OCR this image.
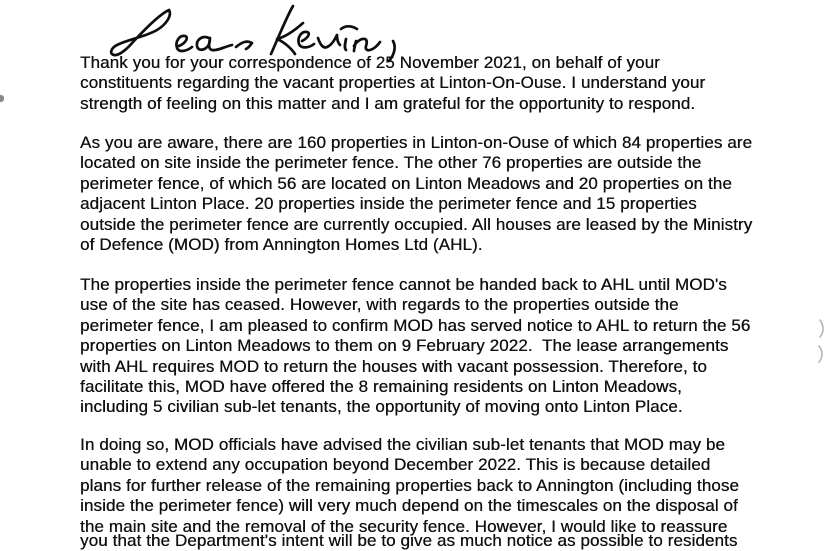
Thank you for your correspondence of 25 November 2021, on behalf of your
constituents regarding the vacant properties at Linton-On-Ouse. I understand your
strength of feeling on this matter and I am grateful for the opportunity to respond.
As you are aware, there are 160 properties in Linton-on-Ouse of which 84 properties are
located on site inside the perimeter fence. The other 76 properties are outside the
perimeter fence, of which 56 are located on Linton Meadows and 20 properties on the
adjacent Linton Place. 20 properties inside the perimeter fence and 15 properties
outside the perimeter fence are currently occupied. All houses are leased by the Ministry
of Defence (MOD) from Annington Homes Ltd (AHL).
The properties inside the perimeter fence cannot be handed back to AHL until MOD's
use of the site has ceased. However, with regards to the properties outside the
perimeter fence, I am pleased to confirm MOD has served notice to AHL to return the 56
properties on Linton Meadows to them on 9 February 2022.  The lease arrangements
with AHL requires MOD to return the houses with vacant possession. Therefore, to
facilitate this, MOD have offered the 8 remaining residents on Linton Meadows,
including 5 civilian sub-let tenants, the opportunity of moving onto Linton Place.
In doing so, MOD officials have advised the civilian sub-let tenants that MOD may be
unable to extend any occupation beyond December 2022. This is because detailed
plans for further release of the remaining properties back to Annington (including those
inside the perimeter fence) will very much depend on the timescales on the disposal of
the main site and the removal of the security fence. However, I would like to reassure
you that the Department's intent will be to give as much notice as possible to residents
